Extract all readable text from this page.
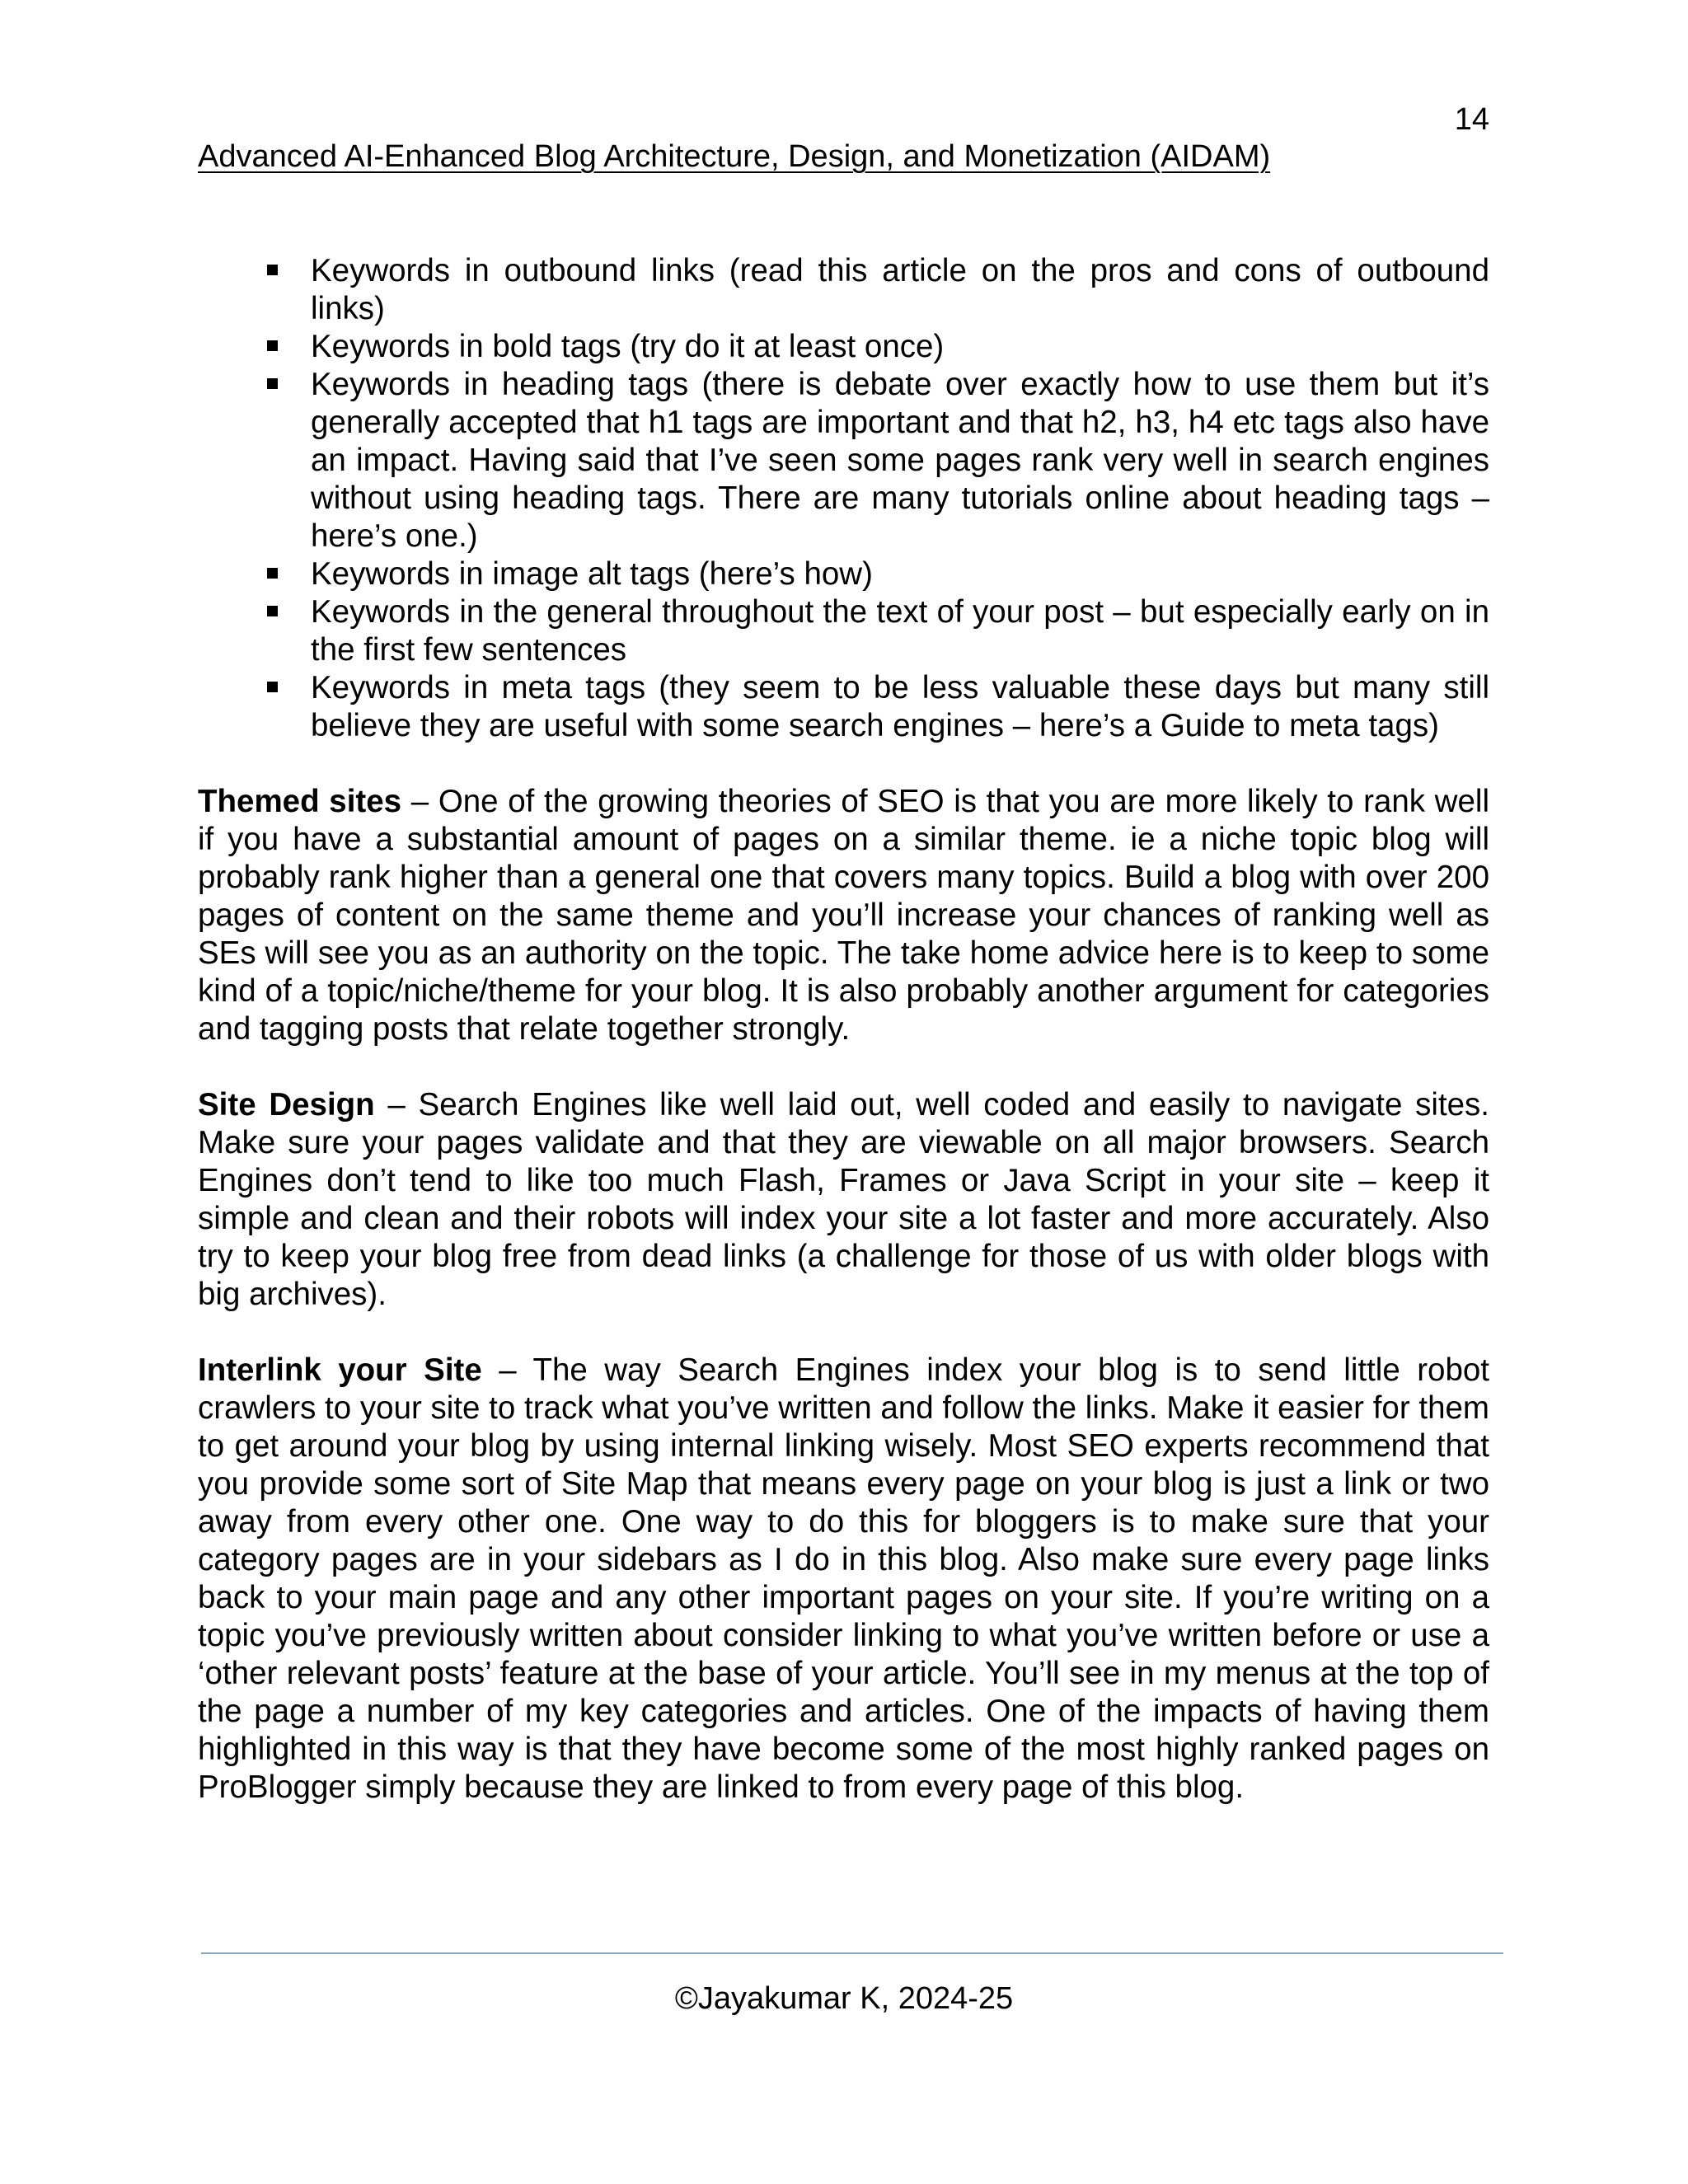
14
Advanced AI-Enhanced Blog Architecture, Design, and Monetization (AIDAM)
Keywords in outbound links (read this article on the pros and cons of outbound links)
Keywords in bold tags (try do it at least once)
Keywords in heading tags (there is debate over exactly how to use them but it’s generally accepted that h1 tags are important and that h2, h3, h4 etc tags also have an impact. Having said that I’ve seen some pages rank very well in search engines without using heading tags. There are many tutorials online about heading tags – here’s one.)
Keywords in image alt tags (here’s how)
Keywords in the general throughout the text of your post – but especially early on in the first few sentences
Keywords in meta tags (they seem to be less valuable these days but many still believe they are useful with some search engines – here’s a Guide to meta tags)

Themed sites – One of the growing theories of SEO is that you are more likely to rank well if you have a substantial amount of pages on a similar theme. ie a niche topic blog will probably rank higher than a general one that covers many topics. Build a blog with over 200 pages of content on the same theme and you’ll increase your chances of ranking well as SEs will see you as an authority on the topic. The take home advice here is to keep to some kind of a topic/niche/theme for your blog. It is also probably another argument for categories and tagging posts that relate together strongly.

Site Design – Search Engines like well laid out, well coded and easily to navigate sites. Make sure your pages validate and that they are viewable on all major browsers. Search Engines don’t tend to like too much Flash, Frames or Java Script in your site – keep it simple and clean and their robots will index your site a lot faster and more accurately. Also try to keep your blog free from dead links (a challenge for those of us with older blogs with big archives).

Interlink your Site – The way Search Engines index your blog is to send little robot crawlers to your site to track what you’ve written and follow the links. Make it easier for them to get around your blog by using internal linking wisely. Most SEO experts recommend that you provide some sort of Site Map that means every page on your blog is just a link or two away from every other one. One way to do this for bloggers is to make sure that your category pages are in your sidebars as I do in this blog. Also make sure every page links back to your main page and any other important pages on your site. If you’re writing on a topic you’ve previously written about consider linking to what you’ve written before or use a ‘other relevant posts’ feature at the base of your article. You’ll see in my menus at the top of the page a number of my key categories and articles. One of the impacts of having them highlighted in this way is that they have become some of the most highly ranked pages on ProBlogger simply because they are linked to from every page of this blog.

©Jayakumar K, 2024-25
